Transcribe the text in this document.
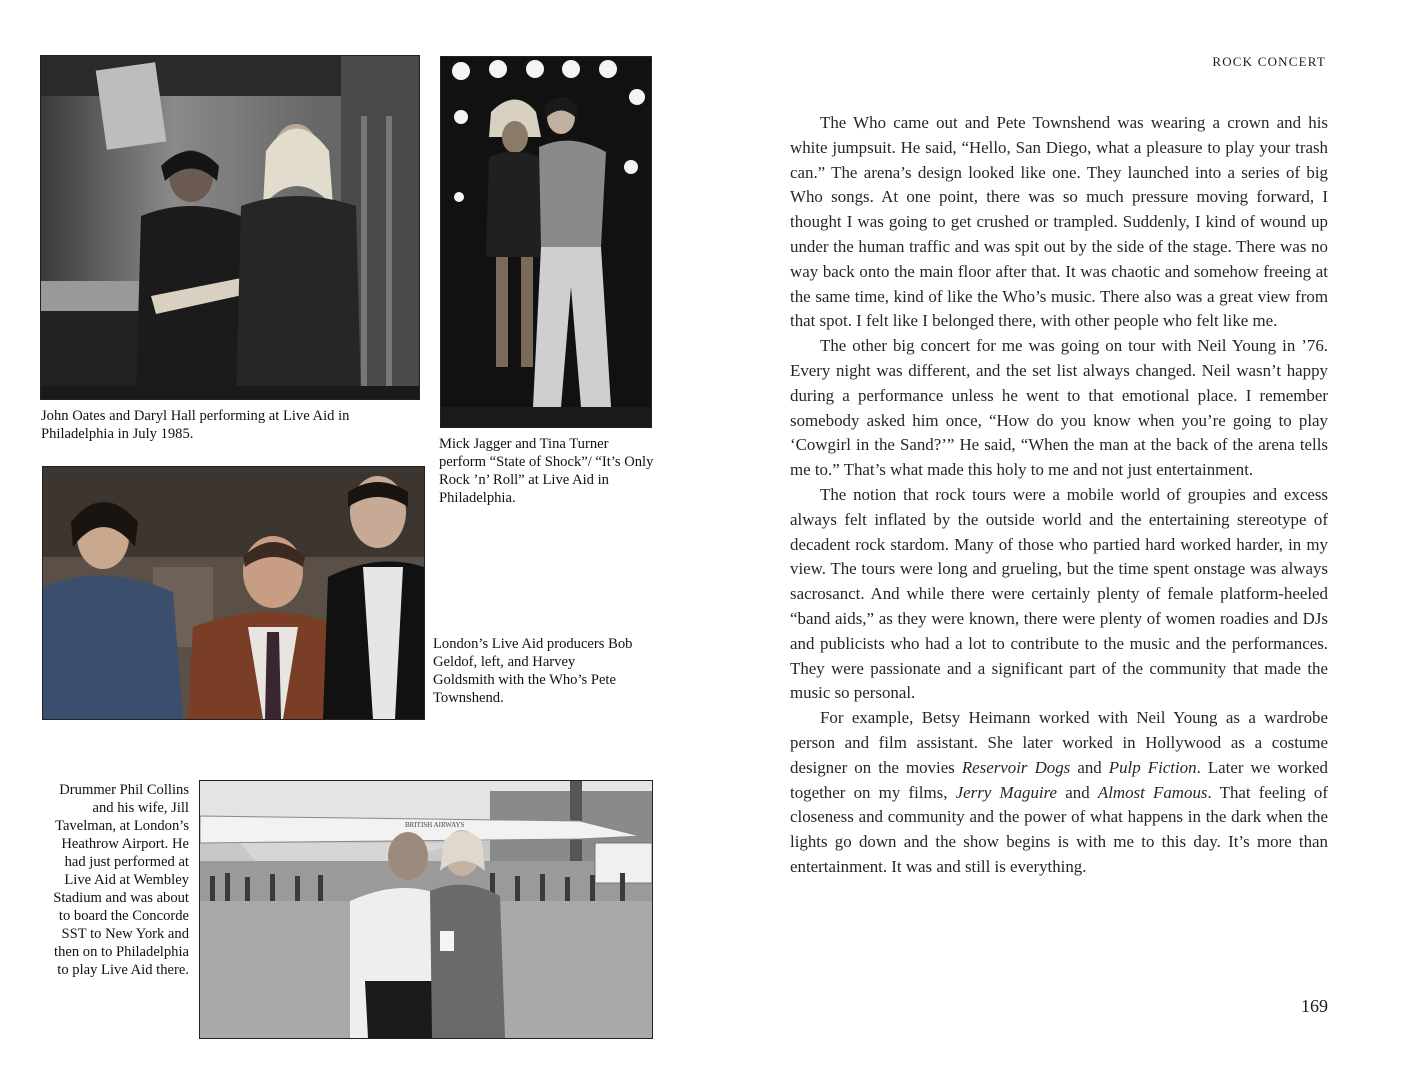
John Oates and Daryl Hall performing at Live Aid in Philadelphia in July 1985.
Mick Jagger and Tina Turner perform “State of Shock”/ “It’s Only Rock ’n’ Roll” at Live Aid in Philadelphia.
London’s Live Aid producers Bob Geldof, left, and Harvey Goldsmith with the Who’s Pete Townshend.
BRITISH AIRWAYS
Drummer Phil Collins and his wife, Jill Tavelman, at London’s Heathrow Airport. He had just performed at Live Aid at Wembley Stadium and was about to board the Concorde SST to New York and then on to Philadelphia to play Live Aid there.
ROCK CONCERT

The Who came out and Pete Townshend was wearing a crown and his white jumpsuit. He said, “Hello, San Diego, what a pleasure to play your trash can.” The arena’s design looked like one. They launched into a series of big Who songs. At one point, there was so much pressure moving forward, I thought I was going to get crushed or trampled. Suddenly, I kind of wound up under the human traffic and was spit out by the side of the stage. There was no way back onto the main floor after that. It was chaotic and somehow freeing at the same time, kind of like the Who’s music. There also was a great view from that spot. I felt like I belonged there, with other people who felt like me.

The other big concert for me was going on tour with Neil Young in ’76. Every night was different, and the set list always changed. Neil wasn’t happy during a performance unless he went to that emotional place. I remember somebody asked him once, “How do you know when you’re going to play ‘Cowgirl in the Sand?’” He said, “When the man at the back of the arena tells me to.” That’s what made this holy to me and not just entertainment.

The notion that rock tours were a mobile world of groupies and excess always felt inflated by the outside world and the entertaining stereotype of decadent rock stardom. Many of those who partied hard worked harder, in my view. The tours were long and grueling, but the time spent onstage was always sacrosanct. And while there were certainly plenty of female platform-heeled “band aids,” as they were known, there were plenty of women roadies and DJs and publicists who had a lot to contribute to the music and the performances. They were passionate and a significant part of the community that made the music so personal.

For example, Betsy Heimann worked with Neil Young as a wardrobe person and film assistant. She later worked in Hollywood as a costume designer on the movies Reservoir Dogs and Pulp Fiction. Later we worked together on my films, Jerry Maguire and Almost Famous. That feeling of closeness and community and the power of what happens in the dark when the lights go down and the show begins is with me to this day. It’s more than entertainment. It was and still is everything.

169
